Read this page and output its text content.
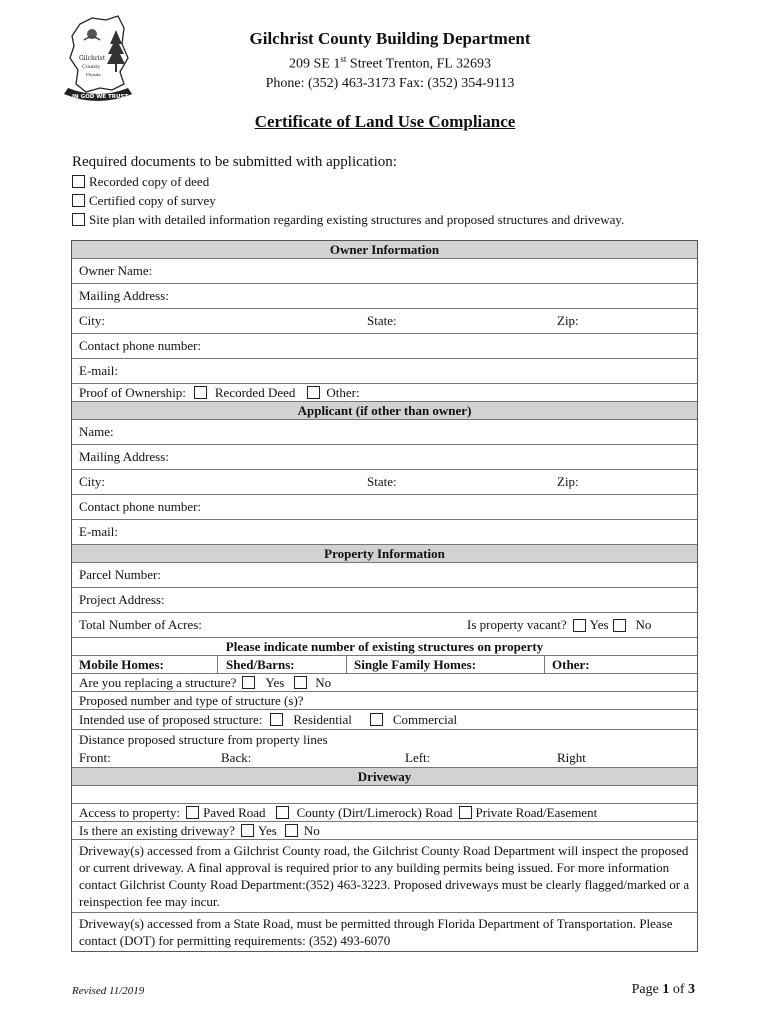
Gilchrist
County
Florida
IN GOD WE TRUST
Gilchrist County Building Department
209 SE 1st Street Trenton, FL 32693
Phone: (352) 463-3173 Fax: (352) 354-9113
Certificate of Land Use Compliance
Required documents to be submitted with application:
Recorded copy of deed
Certified copy of survey
Site plan with detailed information regarding existing structures and proposed structures and driveway.
Owner Information
Owner Name:
Mailing Address:
City:	State:	Zip:
Contact phone number:
E-mail:
Proof of Ownership: Recorded Deed Other:
Applicant (if other than owner)
Name:
Mailing Address:
City:	State:	Zip:
Contact phone number:
E-mail:
Property Information
Parcel Number:
Project Address:
Total Number of Acres:	Is property vacant? Yes No
Please indicate number of existing structures on property
Mobile Homes:	Shed/Barns:	Single Family Homes:	Other:
Are you replacing a structure? Yes No
Proposed number and type of structure (s)?
Intended use of proposed structure: Residential	Commercial
Distance proposed structure from property lines
Front:	Back:	Left:	Right
Driveway
Access to property: Paved Road County (Dirt/Limerock) Road Private Road/Easement
Is there an existing driveway? Yes No
Driveway(s) accessed from a Gilchrist County road, the Gilchrist County Road Department will inspect the proposed or current driveway. A final approval is required prior to any building permits being issued. For more information contact Gilchrist County Road Department:(352) 463-3223. Proposed driveways must be clearly flagged/marked or a reinspection fee may incur.
Driveway(s) accessed from a State Road, must be permitted through Florida Department of Transportation. Please contact (DOT) for permitting requirements: (352) 493-6070
Revised 11/2019	Page 1 of 3
